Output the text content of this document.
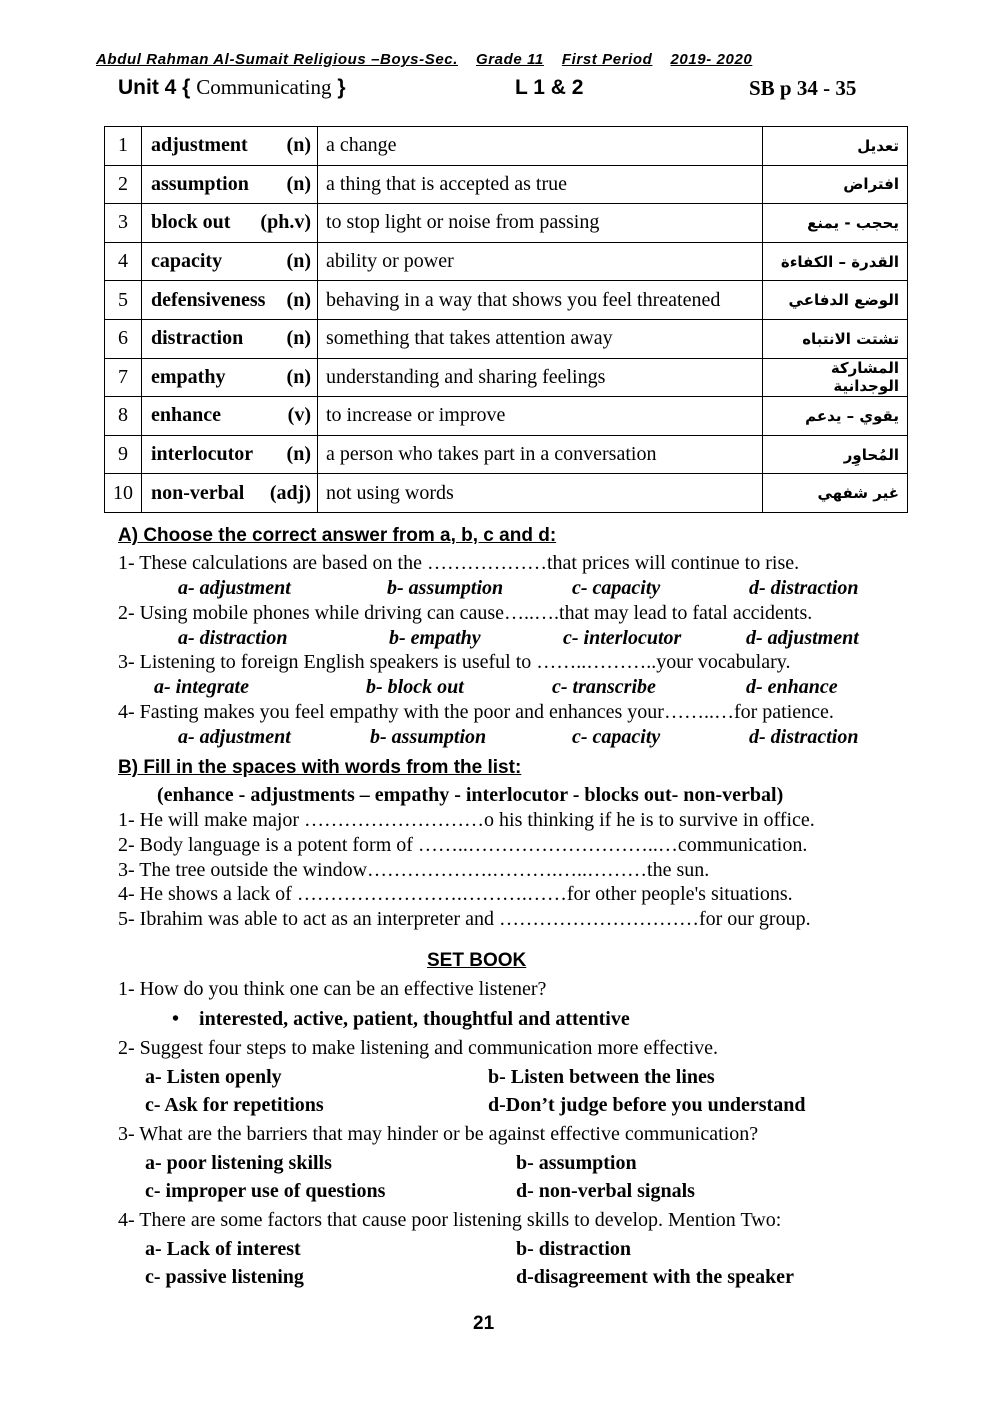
Abdul Rahman Al-Sumait Religious –Boys-Sec. Grade 11 First Period 2019- 2020
Unit 4 { Communicating }	L 1 & 2	SB p 34 - 35
1	adjustment (n)	a change	تعديل
2	assumption (n)	a thing that is accepted as true	افتراض
3	block out (ph.v)	to stop light or noise from passing	يحجب - يمنع
4	capacity (n)	ability or power	القدرة – الكفاءة
5	defensiveness (n)	behaving in a way that shows you feel threatened	الوضع الدفاعي
6	distraction (n)	something that takes attention away	تشتت الانتباه
7	empathy (n)	understanding and sharing feelings	المشاركة الوجدانية
8	enhance (v)	to increase or improve	يقوي – يدعم
9	interlocutor (n)	a person who takes part in a conversation	المُحاوِر
10	non-verbal (adj)	not using words	غير شفهي
A) Choose the correct answer from a, b, c and d:
1- These calculations are based on the ………………that prices will continue to rise.
a- adjustment	b- assumption	c- capacity	d- distraction
2- Using mobile phones while driving can cause…..….that may lead to fatal accidents.
a- distraction	b- empathy	c- interlocutor	d- adjustment
3- Listening to foreign English speakers is useful to ……..………..your vocabulary.
a- integrate	b- block out	c- transcribe	d- enhance
4- Fasting makes you feel empathy with the poor and enhances your……..…for patience.
a- adjustment	b- assumption	c- capacity	d- distraction
B) Fill in the spaces with words from the list:
(enhance - adjustments – empathy - interlocutor - blocks out- non-verbal)
1- He will make major ………………………o his thinking if he is to survive in office.
2- Body language is a potent form of ……..………………………..…communication.
3- The tree outside the window……………….……….…..………the sun.
4- He shows a lack of …………………….……….……for other people's situations.
5- Ibrahim was able to act as an interpreter and …………………………for our group.
SET BOOK
1- How do you think one can be an effective listener?
•    interested, active, patient, thoughtful and attentive
2- Suggest four steps to make listening and communication more effective.
a- Listen openly	b- Listen between the lines
c- Ask for repetitions	d-Don’t judge before you understand
3- What are the barriers that may hinder or be against effective communication?
a- poor listening skills	b- assumption
c- improper use of questions	d- non-verbal signals
4- There are some factors that cause poor listening skills to develop. Mention Two:
a- Lack of interest	b- distraction
c- passive listening	d-disagreement with the speaker
21
